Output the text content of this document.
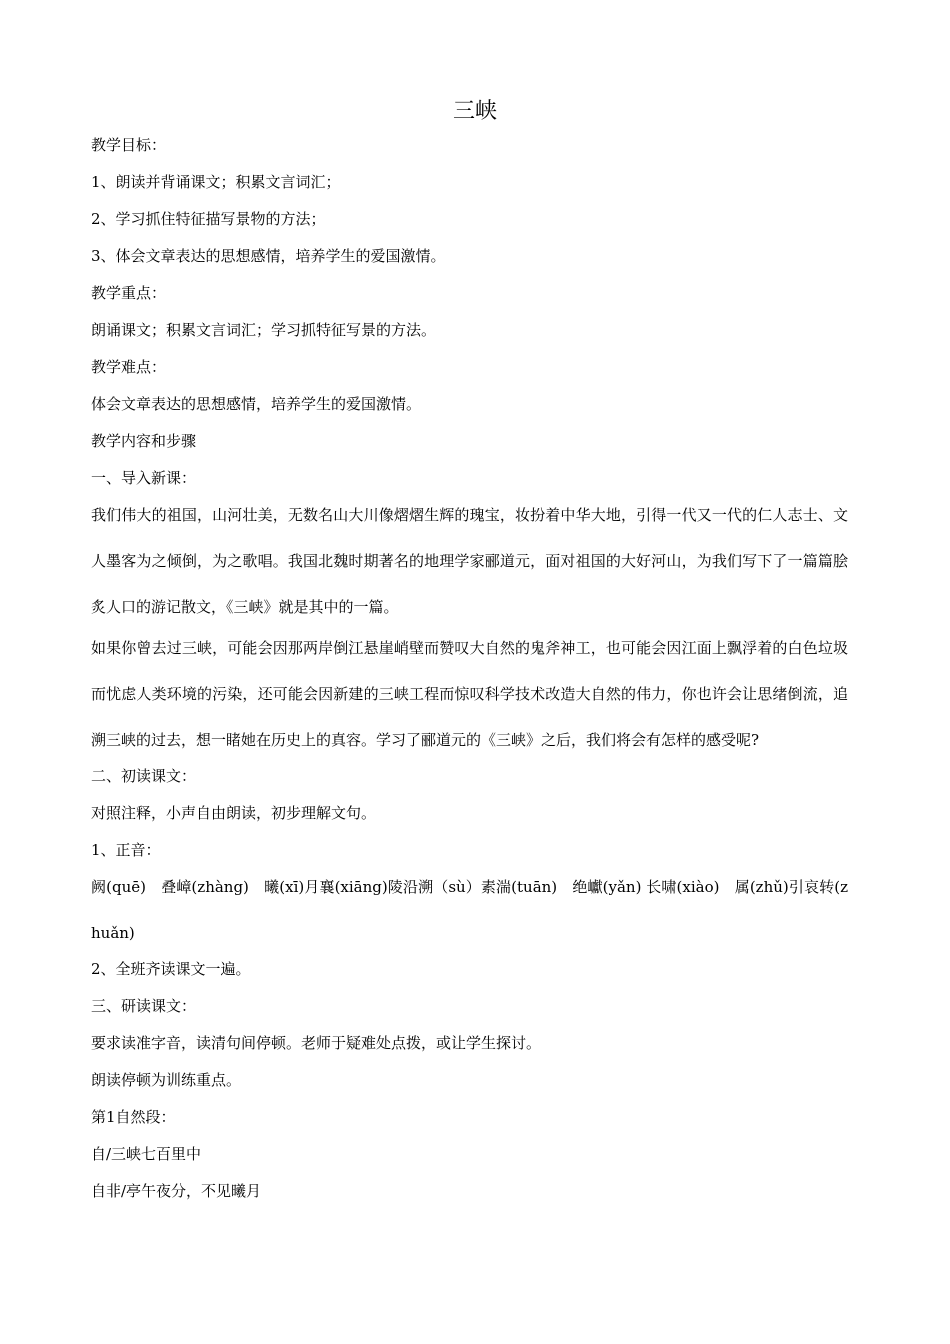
三峡

教学目标：

1、朗读并背诵课文；积累文言词汇；

2、学习抓住特征描写景物的方法；

3、体会文章表达的思想感情，培养学生的爱国激情。

教学重点：

朗诵课文；积累文言词汇；学习抓特征写景的方法。

教学难点：

体会文章表达的思想感情，培养学生的爱国激情。

教学内容和步骤

一、导入新课：

我们伟大的祖国，山河壮美，无数名山大川像熠熠生辉的瑰宝，妆扮着中华大地，引得一代又一代的仁人志士、文人墨客为之倾倒，为之歌唱。我国北魏时期著名的地理学家郦道元，面对祖国的大好河山，为我们写下了一篇篇脍炙人口的游记散文，《三峡》就是其中的一篇。

如果你曾去过三峡，可能会因那两岸倒江悬崖峭壁而赞叹大自然的鬼斧神工，也可能会因江面上飘浮着的白色垃圾而忧虑人类环境的污染，还可能会因新建的三峡工程而惊叹科学技术改造大自然的伟力，你也许会让思绪倒流，追溯三峡的过去，想一睹她在历史上的真容。学习了郦道元的《三峡》之后，我们将会有怎样的感受呢?

二、初读课文：

对照注释，小声自由朗读，初步理解文句。

1、正音：

阙(quē)　叠嶂(zhàng)　曦(xī)月襄(xiāng)陵沿溯（sù）素湍(tuān)　绝巘(yǎn) 长啸(xiào)　属(zhǔ)引哀转(zhuǎn)

2、全班齐读课文一遍。

三、研读课文：

要求读准字音，读清句间停顿。老师于疑难处点拨，或让学生探讨。

朗读停顿为训练重点。

第1自然段：

自/三峡七百里中

自非/亭午夜分，不见曦月
